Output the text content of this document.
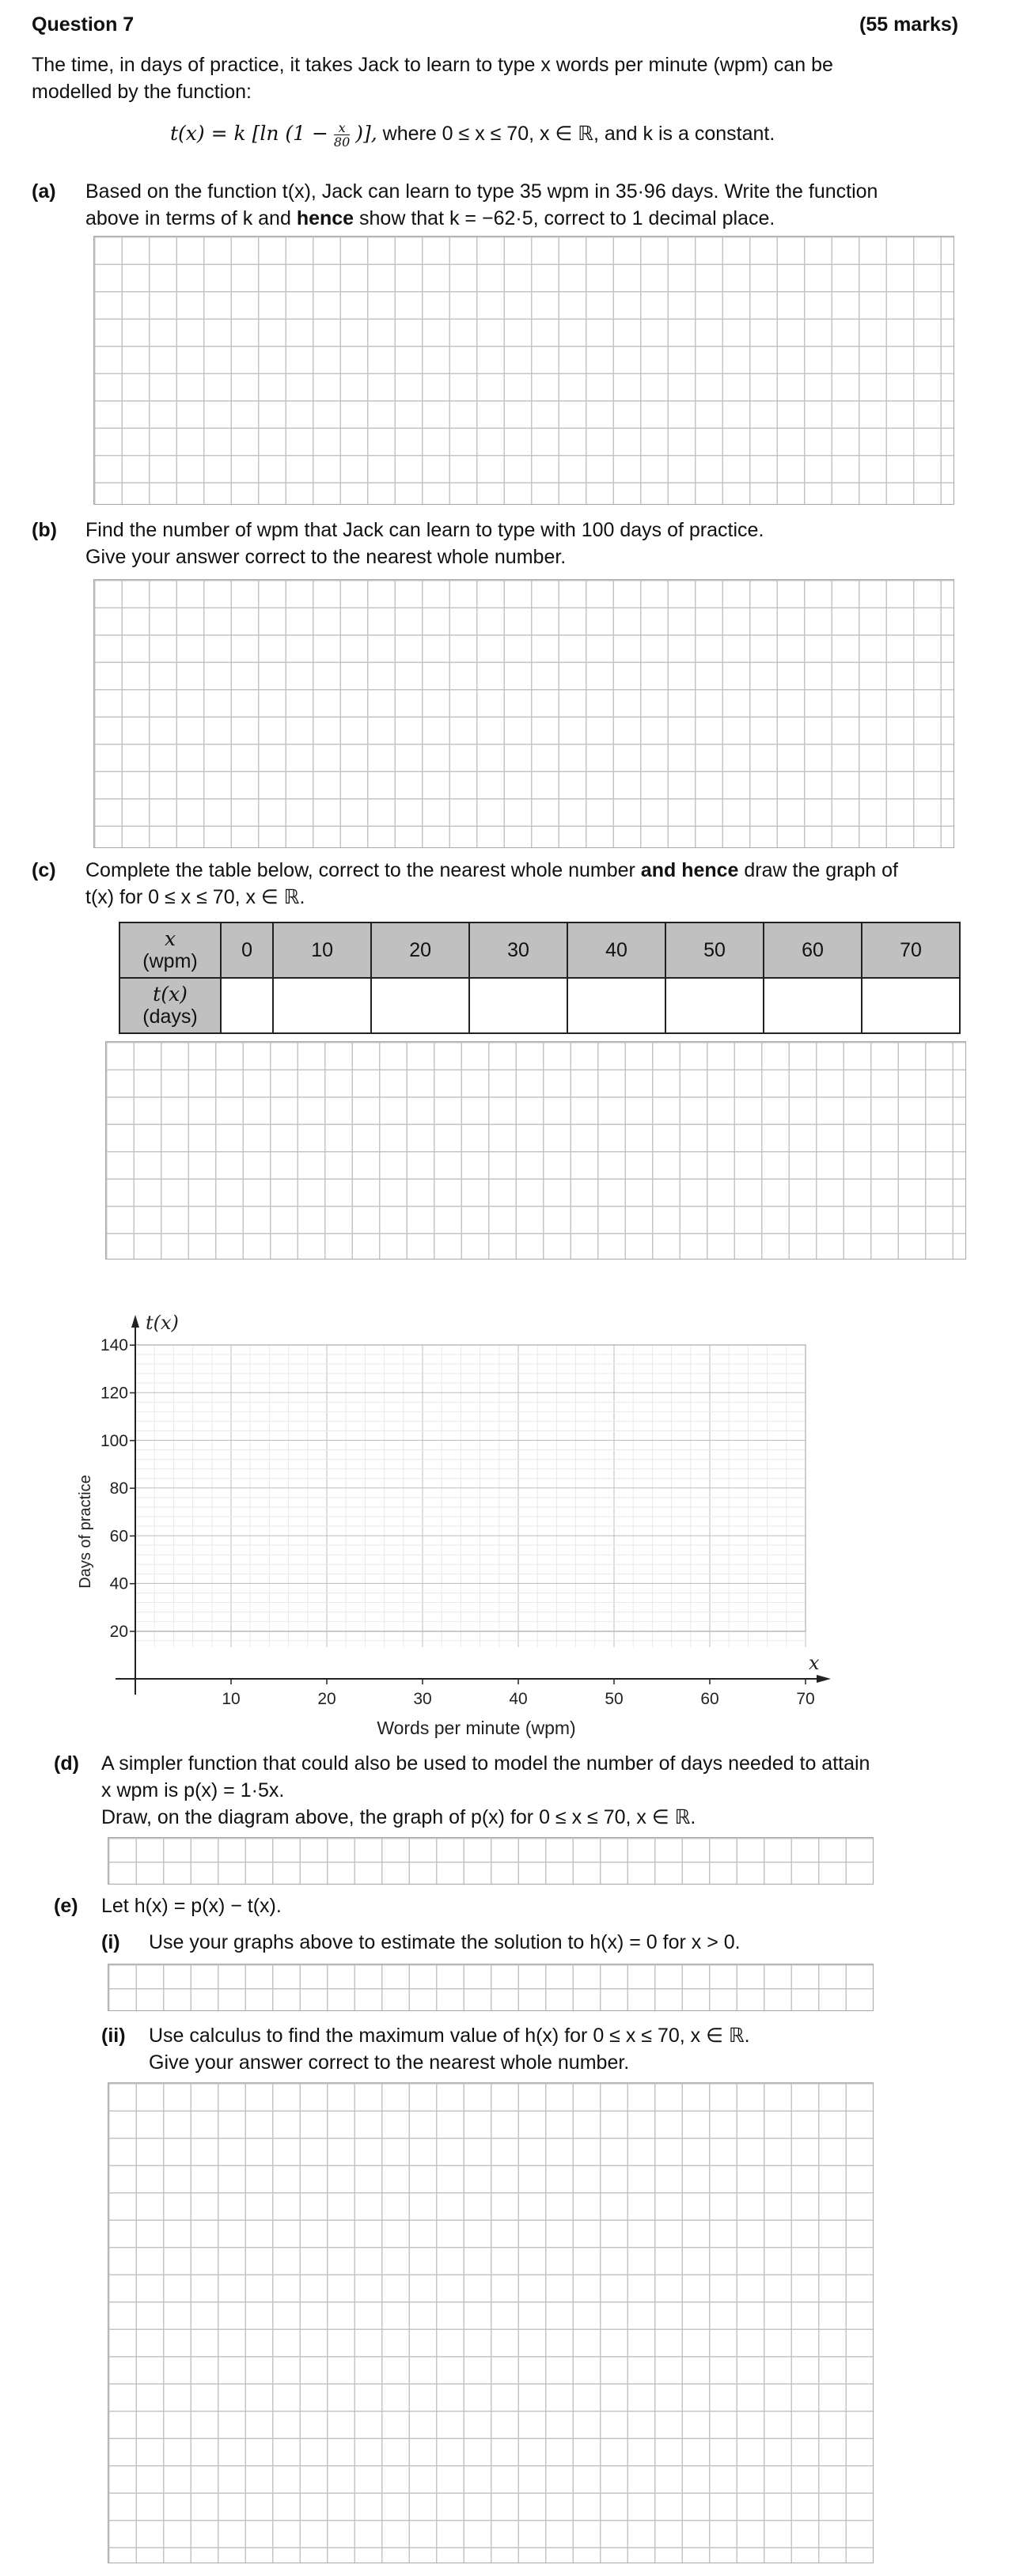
Question 7	(55 marks)
The time, in days of practice, it takes Jack to learn to type x words per minute (wpm) can be
modelled by the function:
t(x) = k [ln ($1 - \frac{x}{80}$ )], where 0 ≤ x ≤ 70, x ∈ ℝ, and k is a constant.
(a) Based on the function t(x), Jack can learn to type 35 wpm in 35·96 days. Write the function
above in terms of k and hence show that k = −62·5, correct to 1 decimal place.
(b) Find the number of wpm that Jack can learn to type with 100 days of practice.
Give your answer correct to the nearest whole number.
(c) Complete the table below, correct to the nearest whole number and hence draw the graph of
t(x) for 0 ≤ x ≤ 70, x ∈ ℝ.
x
(wpm)	0	10	20	30	40	50	60	70

t(x)
(days)								

t(x)
x
20
40
60
80
100
120
140
10	20	30	40	50	60	70
Days of practice
Words per minute (wpm)
(d) A simpler function that could also be used to model the number of days needed to attain
x wpm is p(x) = 1·5x.
Draw, on the diagram above, the graph of p(x) for 0 ≤ x ≤ 70, x ∈ ℝ.
(e) Let h(x) = p(x) − t(x).
(i) Use your graphs above to estimate the solution to h(x) = 0 for x > 0.
(ii) Use calculus to find the maximum value of h(x) for 0 ≤ x ≤ 70, x ∈ ℝ.
Give your answer correct to the nearest whole number.
